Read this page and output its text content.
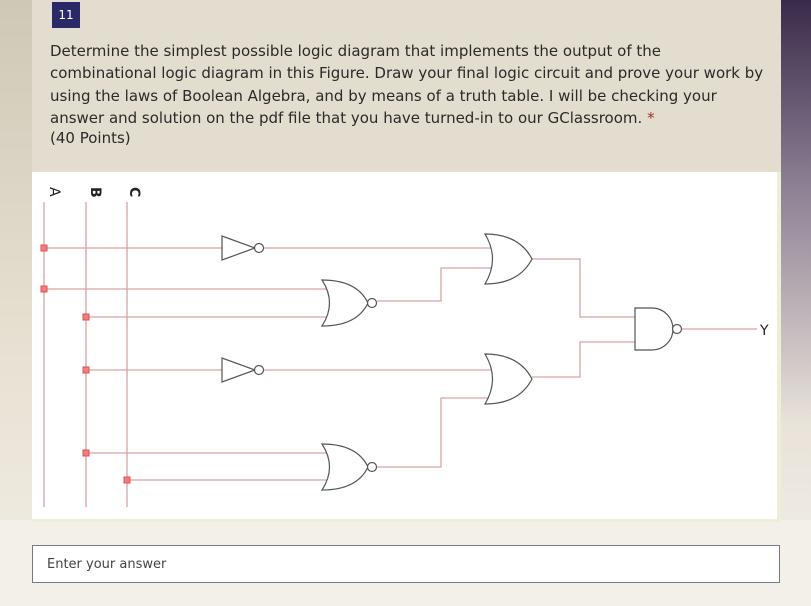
11
Determine the simplest possible logic diagram that implements the output of the combinational logic diagram in this Figure. Draw your final logic circuit and prove your work by using the laws of Boolean Algebra, and by means of a truth table. I will be checking your answer and solution on the pdf file that you have turned-in to our GClassroom. *
(40 Points)
A B C
Y
Enter your answer
